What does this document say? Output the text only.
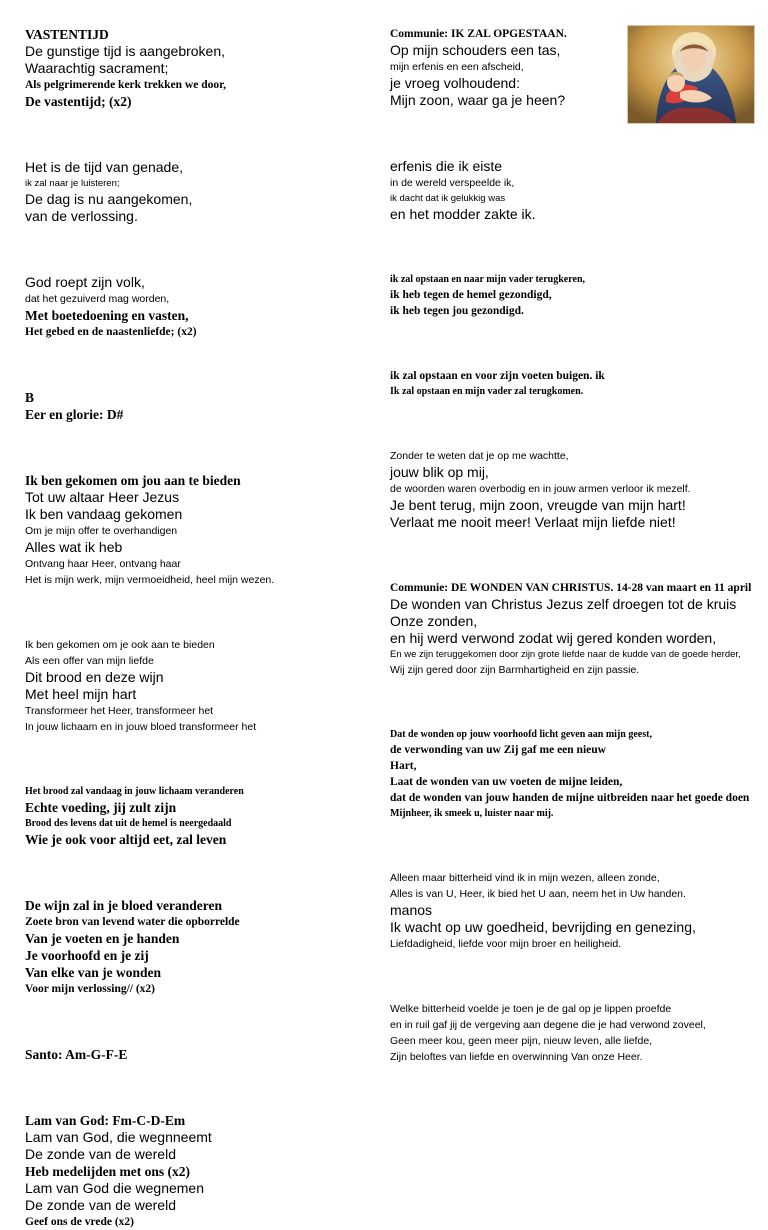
VASTENTIJD

De gunstige tijd is aangebroken,

Waarachtig sacrament;

Als pelgrimerende kerk trekken we door,

De vastentijd; (x2)

Het is de tijd van genade,

ik zal naar je luisteren;

De dag is nu aangekomen,

van de verlossing.

God roept zijn volk,

dat het gezuiverd mag worden,

Met boetedoening en vasten,

Het gebed en de naastenliefde; (x2)

B

Eer en glorie: D#

Ik ben gekomen om jou aan te bieden

Tot uw altaar Heer Jezus

Ik ben vandaag gekomen

Om je mijn offer te overhandigen

Alles wat ik heb

Ontvang haar Heer, ontvang haar

Het is mijn werk, mijn vermoeidheid, heel mijn wezen.

Ik ben gekomen om je ook aan te bieden

Als een offer van mijn liefde

Dit brood en deze wijn

Met heel mijn hart

Transformeer het Heer, transformeer het

In jouw lichaam en in jouw bloed transformeer het

Het brood zal vandaag in jouw lichaam veranderen

Echte voeding, jij zult zijn

Brood des levens dat uit de hemel is neergedaald

Wie je ook voor altijd eet, zal leven

De wijn zal in je bloed veranderen

Zoete bron van levend water die opborrelde

Van je voeten en je handen

Je voorhoofd en je zij

Van elke van je wonden

Voor mijn verlossing// (x2)

Santo: Am-G-F-E

Lam van God: Fm-C-D-Em

Lam van God, die wegnneemt

De zonde van de wereld

Heb medelijden met ons (x2)

Lam van God die wegnemen

De zonde van de wereld

Geef ons de vrede (x2)

Communie: IK ZAL OPGESTAAN.

Op mijn schouders een tas,

mijn erfenis en een afscheid,

je vroeg volhoudend:

Mijn zoon, waar ga je heen?

erfenis die ik eiste

in de wereld verspeelde ik,

ik dacht dat ik gelukkig was

en het modder zakte ik.

ik zal opstaan en naar mijn vader terugkeren,

ik heb tegen de hemel gezondigd,

ik heb tegen jou gezondigd.

ik zal opstaan en voor zijn voeten buigen. ik

Ik zal opstaan en mijn vader zal terugkomen.

Zonder te weten dat je op me wachtte,

jouw blik op mij,

de woorden waren overbodig en in jouw armen verloor ik mezelf.

Je bent terug, mijn zoon, vreugde van mijn hart!

Verlaat me nooit meer! Verlaat mijn liefde niet!

Communie: DE WONDEN VAN CHRISTUS. 14-28 van maart en 11 april

De wonden van Christus Jezus zelf droegen tot de kruis Onze zonden,

en hij werd verwond zodat wij gered konden worden,

En we zijn teruggekomen door zijn grote liefde naar de kudde van de goede herder,

Wij zijn gered door zijn Barmhartigheid en zijn passie.

Dat de wonden op jouw voorhoofd licht geven aan mijn geest,

de verwonding van uw Zij gaf me een nieuw

Hart,

Laat de wonden van uw voeten de mijne leiden,

dat de wonden van jouw handen de mijne uitbreiden naar het goede doen

Mijnheer, ik smeek u, luister naar mij.

Alleen maar bitterheid vind ik in mijn wezen, alleen zonde,

Alles is van U, Heer, ik bied het U aan, neem het in Uw handen.

manos

Ik wacht op uw goedheid, bevrijding en genezing,

Liefdadigheid, liefde voor mijn broer en heiligheid.

Welke bitterheid voelde je toen je de gal op je lippen proefde

en in ruil gaf jij de vergeving aan degene die je had verwond zoveel,

Geen meer kou, geen meer pijn, nieuw leven, alle liefde,

Zijn beloftes van liefde en overwinning Van onze Heer.
